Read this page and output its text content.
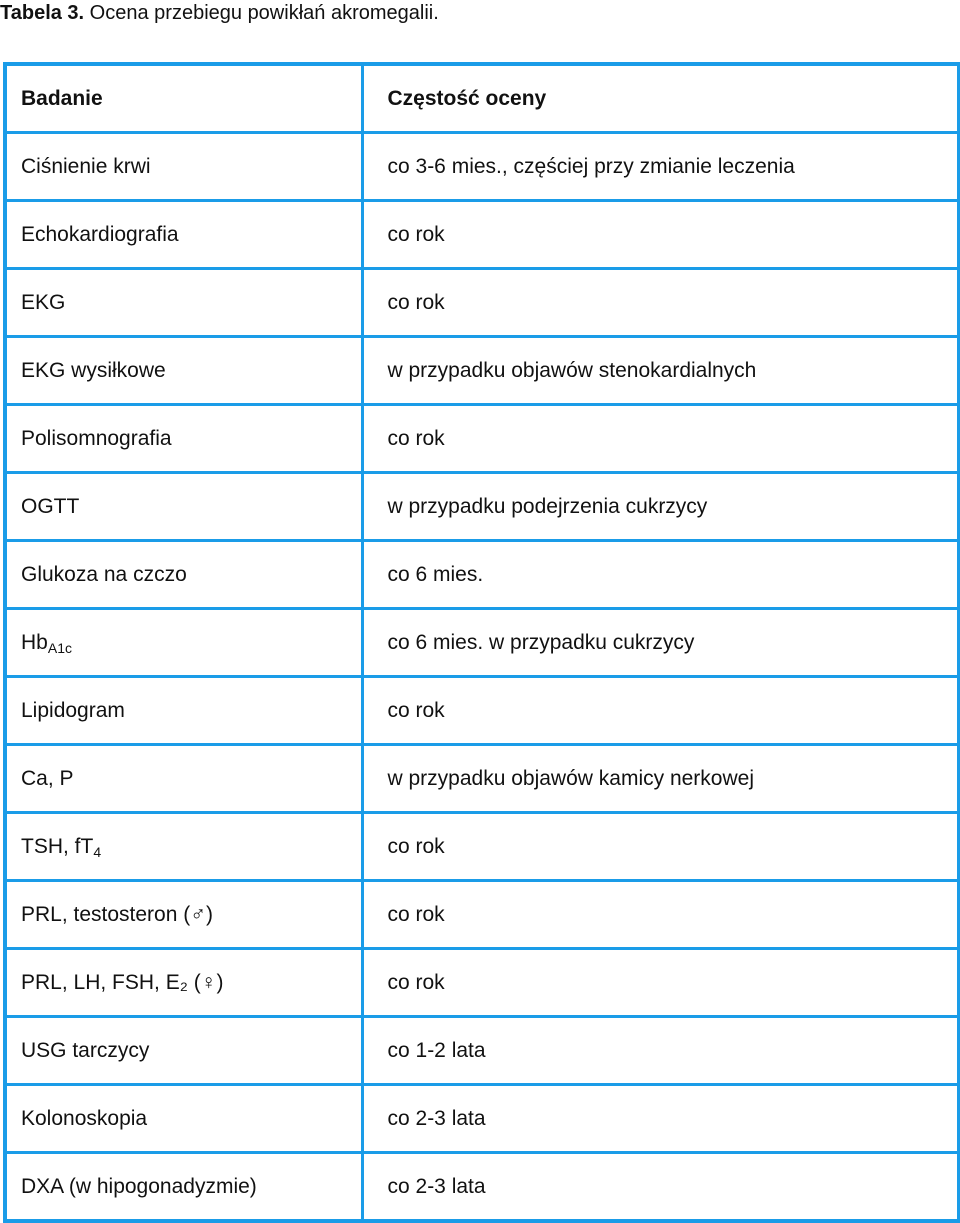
Tabela 3. Ocena przebiegu powikłań akromegalii.
Badanie	Częstość oceny
Ciśnienie krwi	co 3-6 mies., częściej przy zmianie leczenia
Echokardiografia	co rok
EKG	co rok
EKG wysiłkowe	w przypadku objawów stenokardialnych
Polisomnografia	co rok
OGTT	w przypadku podejrzenia cukrzycy
Glukoza na czczo	co 6 mies.
$Hb_{A1c}$	co 6 mies. w przypadku cukrzycy
Lipidogram	co rok
Ca, P	w przypadku objawów kamicy nerkowej
TSH, $fT_4$	co rok
PRL, testosteron (♂)	co rok
PRL, LH, FSH, E₂ (♀)	co rok
USG tarczycy	co 1-2 lata
Kolonoskopia	co 2-3 lata
DXA (w hipogonadyzmie)	co 2-3 lata
